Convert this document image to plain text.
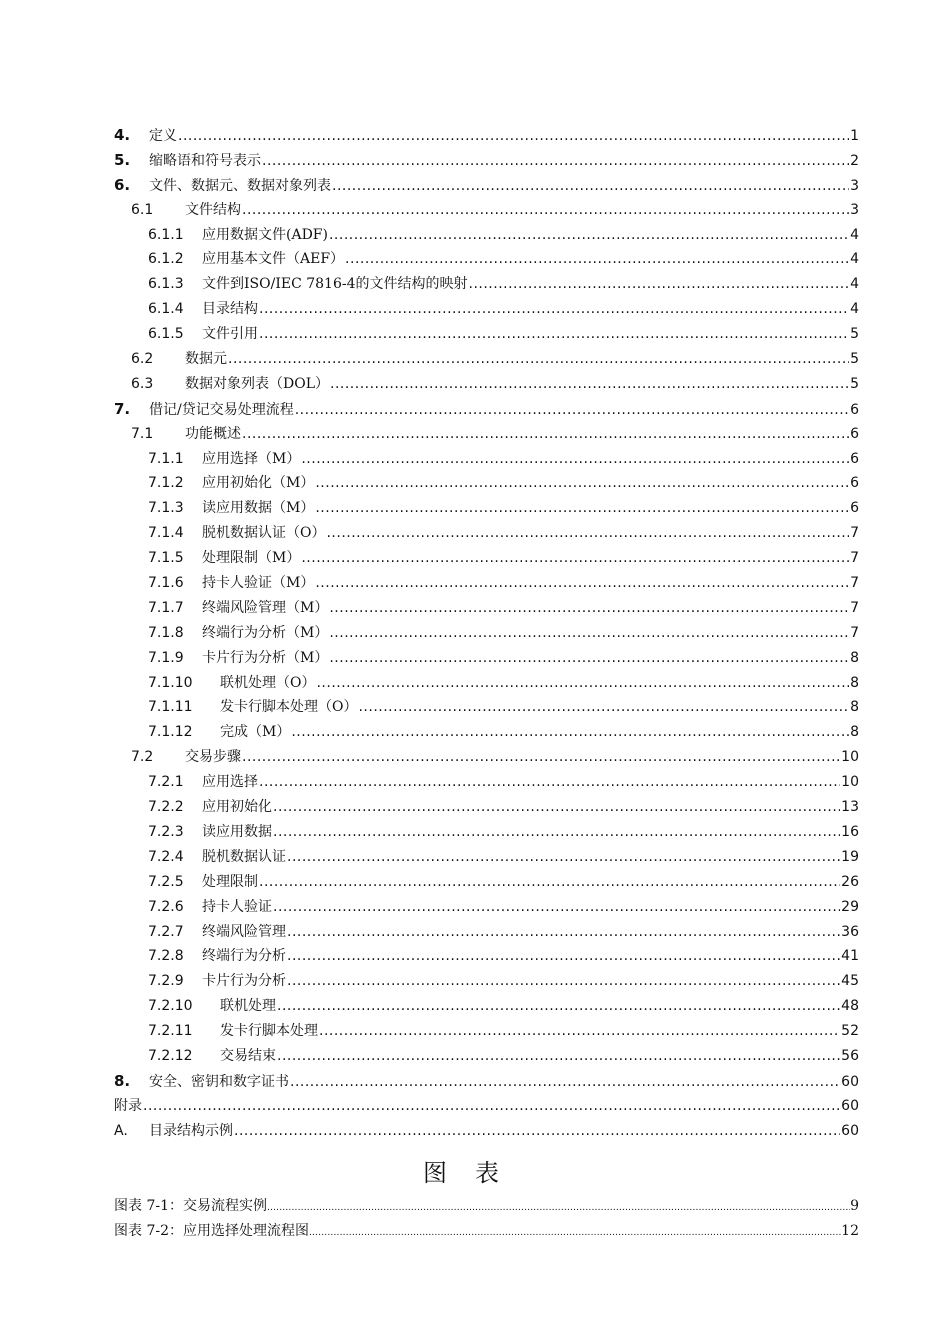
4.	定义 .....	1
5.	缩略语和符号表示 .....	2
6.	文件、数据元、数据对象列表 .....	3
6.1	文件结构 .....	3
6.1.1	应用数据文件(ADF) .....	4
6.1.2	应用基本文件（AEF） .....	4
6.1.3	文件到ISO/IEC 7816-4的文件结构的映射 .....	4
6.1.4	目录结构 .....	4
6.1.5	文件引用 .....	5
6.2	数据元 .....	5
6.3	数据对象列表（DOL） .....	5
7.	借记/贷记交易处理流程 .....	6
7.1	功能概述 .....	6
7.1.1	应用选择（M） .....	6
7.1.2	应用初始化（M） .....	6
7.1.3	读应用数据（M） .....	6
7.1.4	脱机数据认证（O） .....	7
7.1.5	处理限制（M） .....	7
7.1.6	持卡人验证（M） .....	7
7.1.7	终端风险管理（M） .....	7
7.1.8	终端行为分析（M） .....	7
7.1.9	卡片行为分析（M） .....	8
7.1.10	联机处理（O） .....	8
7.1.11	发卡行脚本处理（O） .....	8
7.1.12	完成（M） .....	8
7.2	交易步骤 .....	10
7.2.1	应用选择 .....	10
7.2.2	应用初始化 .....	13
7.2.3	读应用数据 .....	16
7.2.4	脱机数据认证 .....	19
7.2.5	处理限制 .....	26
7.2.6	持卡人验证 .....	29
7.2.7	终端风险管理 .....	36
7.2.8	终端行为分析 .....	41
7.2.9	卡片行为分析 .....	45
7.2.10	联机处理 .....	48
7.2.11	发卡行脚本处理 .....	52
7.2.12	交易结束 .....	56
8.	安全、密钥和数字证书 .....	60
附录 .....	60
A.	目录结构示例 .....	60
图表
图表 7-1：交易流程实例 .....	9
图表 7-2：应用选择处理流程图 .....	12
